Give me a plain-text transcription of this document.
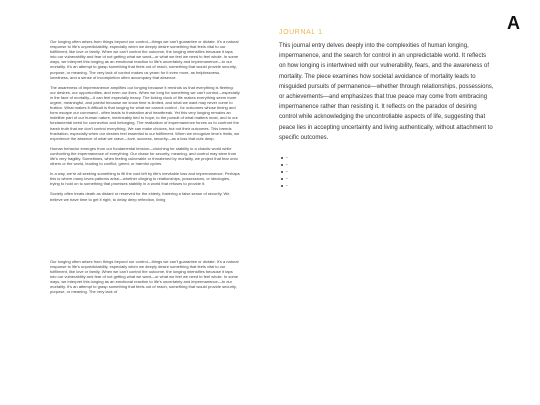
Our longing often arises from things beyond our control—things we can't guarantee or dictate. It's a natural response to life's unpredictability, especially when we deeply desire something that feels vital to our fulfillment, like love or family. When we can't control the outcome, the longing intensifies because it taps into our vulnerability and fear of not getting what we want—or what we feel we need to feel whole. In some ways, we interpret this longing as an emotional reaction to life's uncertainty and impermanence—to our mortality. It's an attempt to grasp something that feels out of reach, something that would provide security, purpose, or meaning. The very lack of control makes us yearn for it even more, as helplessness, loneliness, and a sense of incompletion often accompany that absence.

The awareness of impermanence amplifies our longing because it reminds us that everything is fleeting: our desires, our opportunities, and even our lives. When we long for something we can't control—especially in the face of mortality—it can feel especially heavy. The ticking clock of life makes everything seem more urgent, meaningful, and painful because we know time is limited, and what we want may never come to fruition. What makes it difficult is that longing for what we cannot control - for outcomes whose timing and form escape our command - often leads to frustration and heartbreak. Yet this very longing remains an indelible part of our human nature, inextricably tied to hope, to the pursuit of what matters most, and to our fundamental need for connection and belonging. The realization of impermanence forces us to confront the harsh truth that we don't control everything. We can make choices, but not their outcomes. This breeds frustration, especially when our desires feel essential to our fulfillment. When we recognize time's limits, we experience the absence of what we crave—love, success, security—as a loss that cuts deep.

Human behavior emerges from our fundamental tension—clutching for stability in a chaotic world while confronting the impermanence of everything. Our chase for security, meaning, and control may stem from life's very fragility. Sometimes, when feeling vulnerable or threatened by mortality, we project that fear onto others or the world, leading to conflict, greed, or harmful cycles.

In a way, we're all seeking something to fill the void left by life's inevitable loss and impermanence. Perhaps this is where many loves patterns arise—whether clinging to relationships, possessions, or ideologies, trying to hold on to something that promises stability in a world that refuses to provide it.

Society often treats death as distant or reserved for the elderly, fostering a false sense of security. We believe we have time to get it right, to delay deep reflection, living

Our longing often arises from things beyond our control—things we can't guarantee or dictate. It's a natural response to life's unpredictability, especially when we deeply desire something that feels vital to our fulfillment, like love or family. When we can't control the outcome, the longing intensifies because it taps into our vulnerability and fear of not getting what we want—or what we feel we need to feel whole. In some ways, we interpret this longing as an emotional reaction to life's uncertainty and impermanence—to our mortality. It's an attempt to grasp something that feels out of reach, something that would provide security, purpose, or meaning. The very lack of

JOURNAL 1

This journal entry delves deeply into the complexities of human longing, impermanence, and the search for control in an unpredictable world. It reflects on how longing is intertwined with our vulnerability, fears, and the awareness of mortality. The piece examines how societal avoidance of mortality leads to misguided pursuits of permanence—whether through relationships, possessions, or achievements—and emphasizes that true peace may come from embracing impermanence rather than resisting it. It reflects on the paradox of desiring control while acknowledging the uncontrollable aspects of life, suggesting that peace lies in accepting uncertainty and living authentically, without attachment to specific outcomes.

A
-
-
-
-
-
